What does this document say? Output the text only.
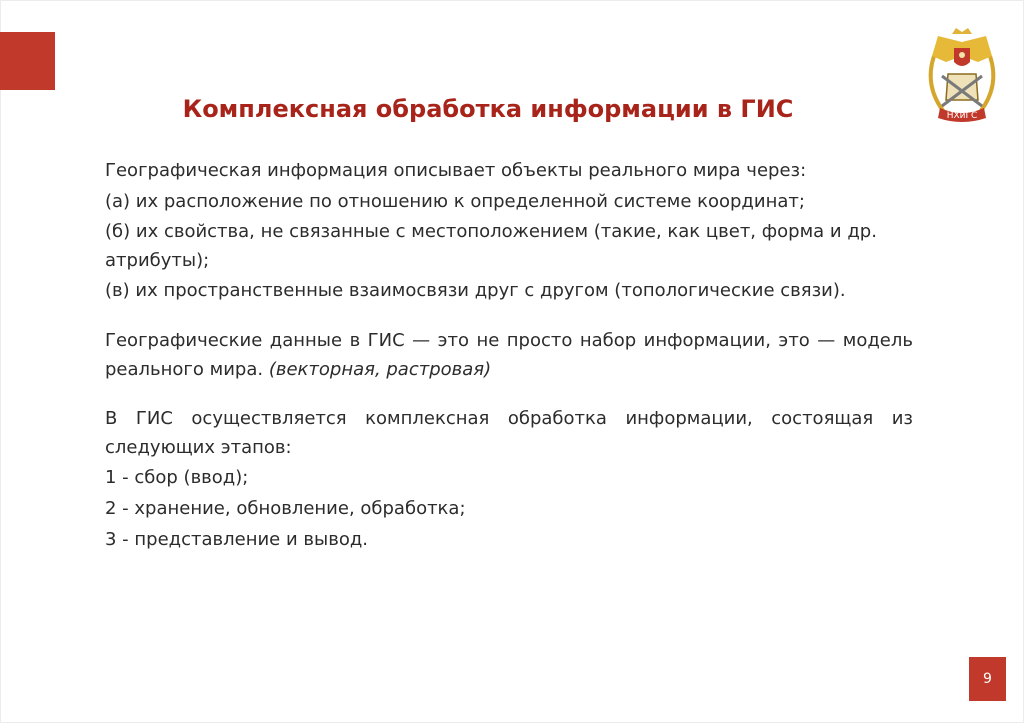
НХиГС
Комплексная обработка информации в ГИС
Географическая информация описывает объекты реального мира через:
(а) их расположение по отношению к определенной системе координат;
(б) их свойства, не связанные с местоположением (такие, как цвет, форма и др. атрибуты);
(в) их пространственные взаимосвязи друг с другом (топологические связи).
Географические данные в ГИС — это не просто набор информации, это — модель реального мира. (векторная, растровая)
В ГИС осуществляется комплексная обработка информации, состоящая из следующих этапов:
1 - сбор (ввод);
2 - хранение, обновление, обработка;
3 - представление и вывод.
9
